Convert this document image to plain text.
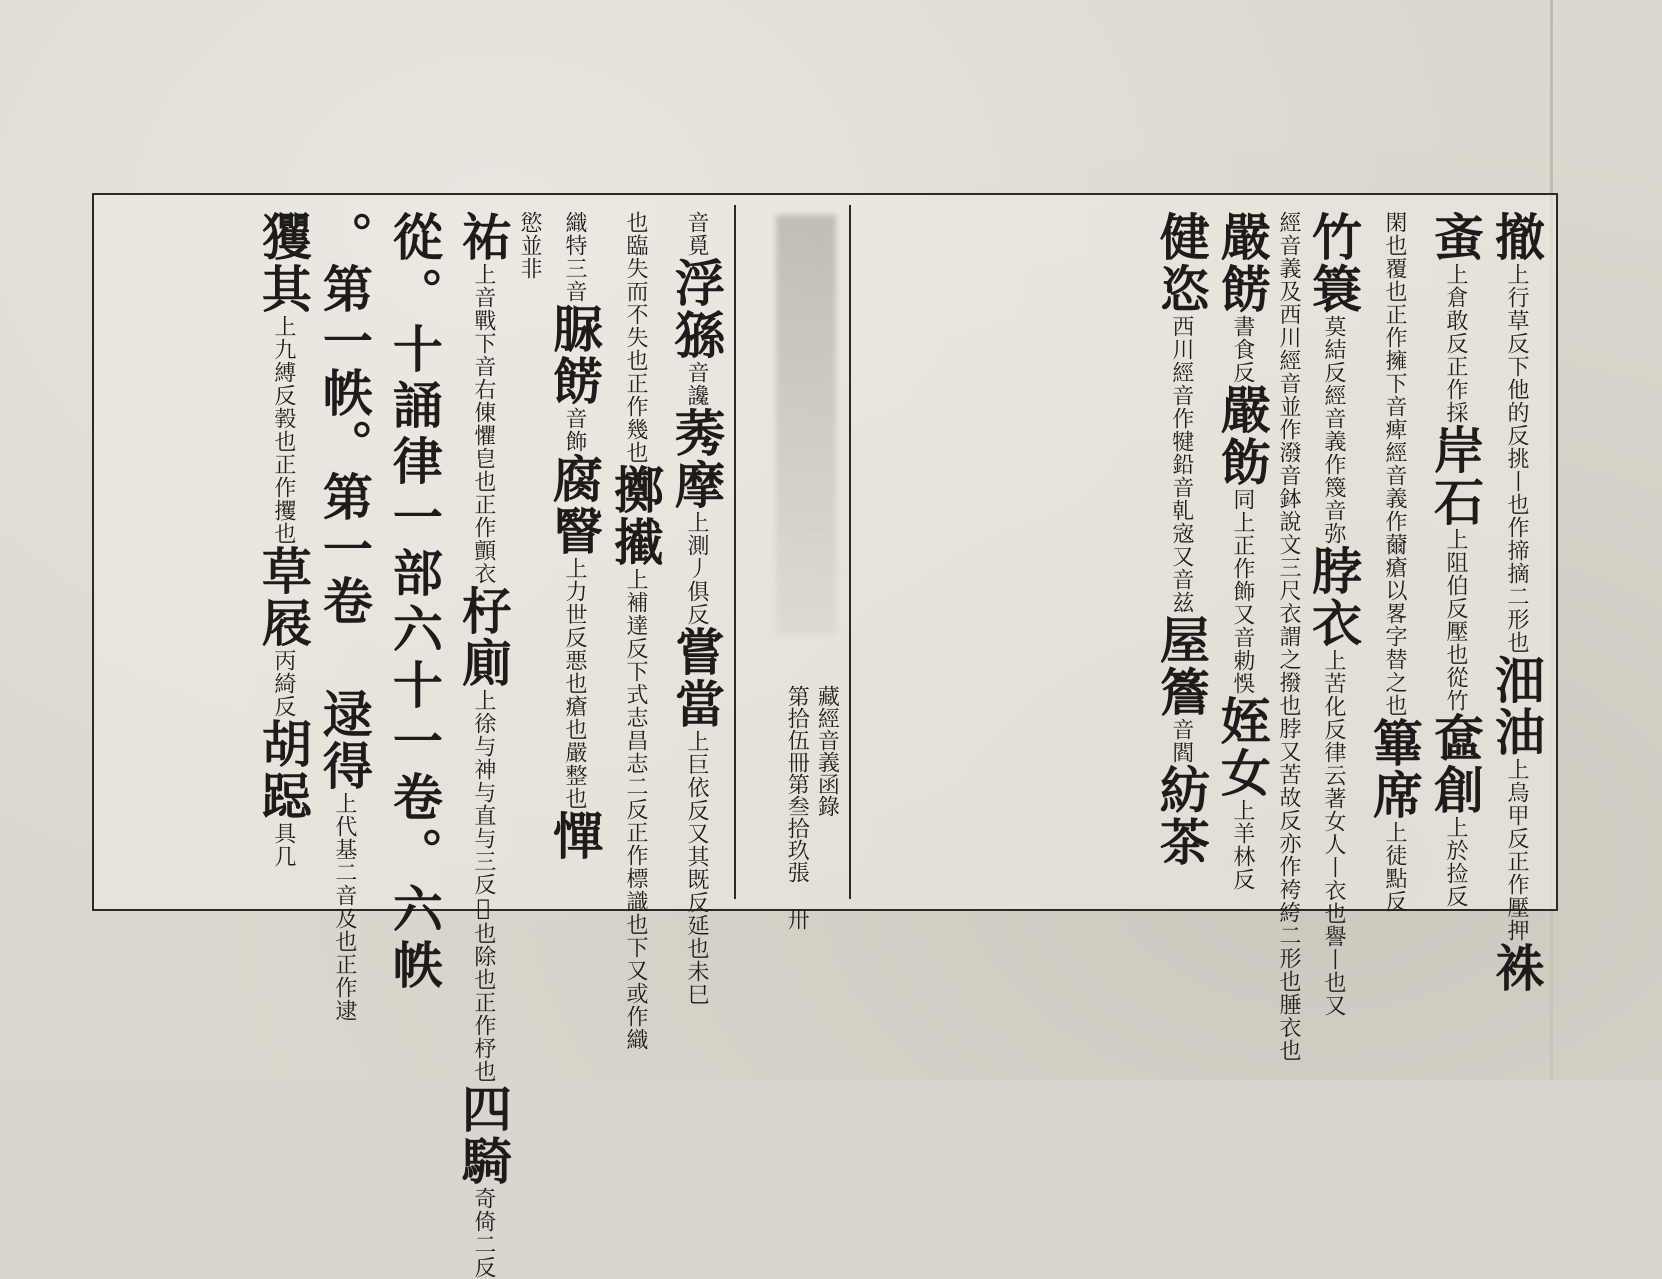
撤上行草反下他的反挑丨也作揥摘二形也沺油上烏甲反正作壓押袾
蚉上倉敢反正作採岸石上阻伯反壓也從竹奩創上於捡反
閑也覆也正作擁下音痺經音義作薾瘡以畧字替之也篳席上徒點反
竹簑莫結反經音義作篾音弥脖衣上苦化反律云著女人丨衣也譽丨也又
經音義及西川經音並作潑音鉢說文三尺衣謂之撥也脖又苦故反亦作袴絝二形也腄衣也
嚴餝書食反嚴飭同上正作飾又音勅悞姪女上羊林反
健恣西川經音作犍鉛音乹宼又音兹屋簷音閻紡茶
藏經音義函錄
第拾伍冊第叁拾玖張 卅
音覓浮猻音讒莠摩上測丿俱反嘗當上巨依反又其既反延也未巳
也臨失而不失也正作幾也擲擮上補達反下式志昌志二反正作標識也下又或作織
織特三音脲餝音飾腐瞖上力世反悪也瘡也嚴整也憚
慾並非
祐上音戰下音右倲懼皀也正作顫衣杍廁上徐与神与直与三反𥘿也除也正作杼也四騎奇倚二反
從。十誦律一部六十一卷。六帙
。第一帙。第一卷 逯得上代基二音及也正作逮
玃其上九縛反㨌也正作攫也草屐丙綺反胡跽具几
